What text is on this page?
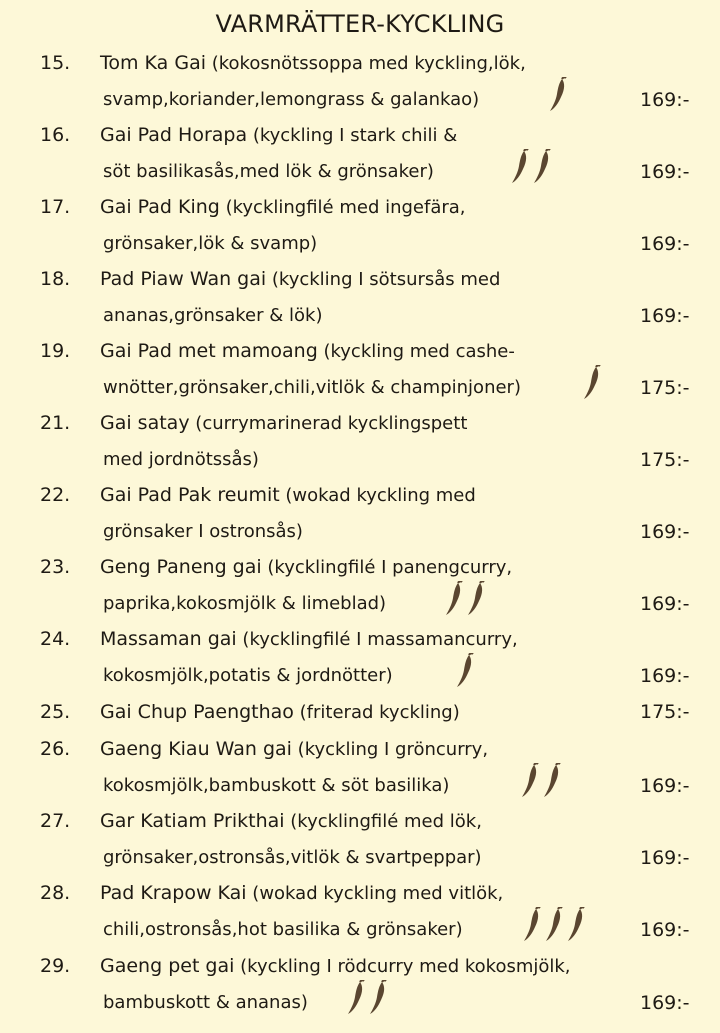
VARMRÄTTER-KYCKLING
15. Tom Ka Gai (kokosnötssoppa med kyckling,lök,
svamp,koriander,lemongrass & galankao)	169:-
16. Gai Pad Horapa (kyckling I stark chili &
söt basilikasås,med lök & grönsaker)	169:-
17. Gai Pad King (kycklingfilé med ingefära,
grönsaker,lök & svamp)	169:-
18. Pad Piaw Wan gai (kyckling I sötsursås med
ananas,grönsaker & lök)	169:-
19. Gai Pad met mamoang (kyckling med cashe-
wnötter,grönsaker,chili,vitlök & champinjoner)	175:-
21. Gai satay (currymarinerad kycklingspett
med jordnötssås)	175:-
22. Gai Pad Pak reumit (wokad kyckling med
grönsaker I ostronsås)	169:-
23. Geng Paneng gai (kycklingfilé I panengcurry,
paprika,kokosmjölk & limeblad)	169:-
24. Massaman gai (kycklingfilé I massamancurry,
kokosmjölk,potatis & jordnötter)	169:-
25. Gai Chup Paengthao (friterad kyckling)	175:-
26. Gaeng Kiau Wan gai (kyckling I gröncurry,
kokosmjölk,bambuskott & söt basilika)	169:-
27. Gar Katiam Prikthai (kycklingfilé med lök,
grönsaker,ostronsås,vitlök & svartpeppar)	169:-
28. Pad Krapow Kai (wokad kyckling med vitlök,
chili,ostronsås,hot basilika & grönsaker)	169:-
29. Gaeng pet gai (kyckling I rödcurry med kokosmjölk,
bambuskott & ananas)	169:-
